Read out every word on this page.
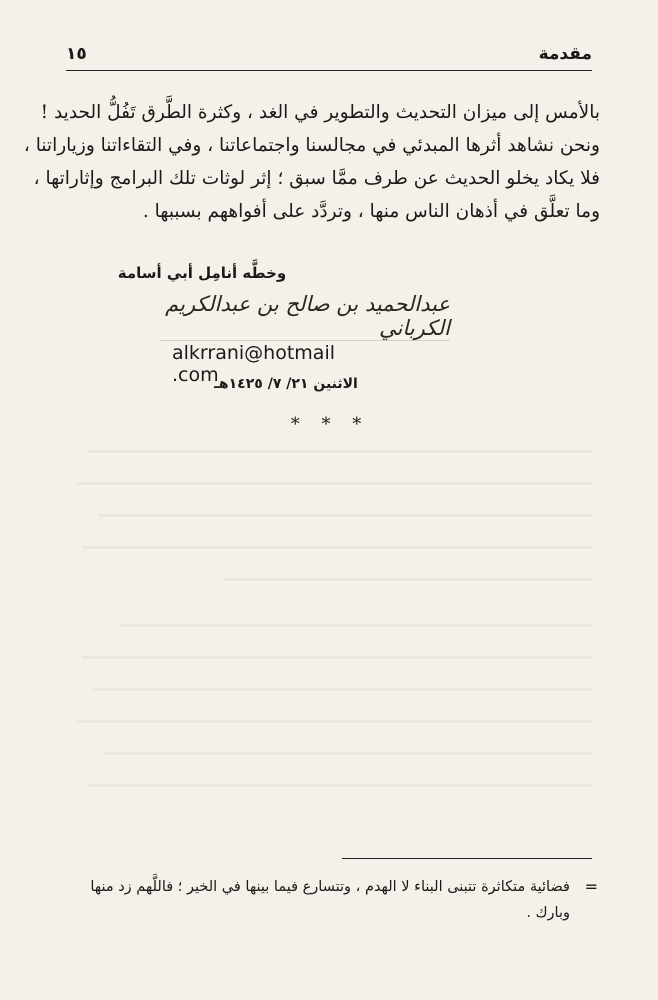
مقدمة
١٥
بالأمس إلى ميزان التحديث والتطوير في الغد ، وكثرة الطَّرق تَفُلُّ الحديد !
ونحن نشاهد أثرها المبدئي في مجالسنا واجتماعاتنا ، وفي التقاءاتنا وزياراتنا ،
فلا يكاد يخلو الحديث عن طرف ممَّا سبق ؛ إثر لوثات تلك البرامج وإثاراتها ،
وما تعلَّق في أذهان الناس منها ، وتردَّد على أفواههم بسببها .
وخطَّه أنامِل أبي أسامة
عبدالحميد بن صالح بن عبدالكريم الكرباني
alkrrani@hotmail .com
الاثنين ٢١/ ٧/ ١٤٢٥هـ
* * *
=
فضائية متكاثرة تتبنى البناء لا الهدم ، وتتسارع فيما بينها في الخير ؛ فاللَّهم زد منها
وبارك .
